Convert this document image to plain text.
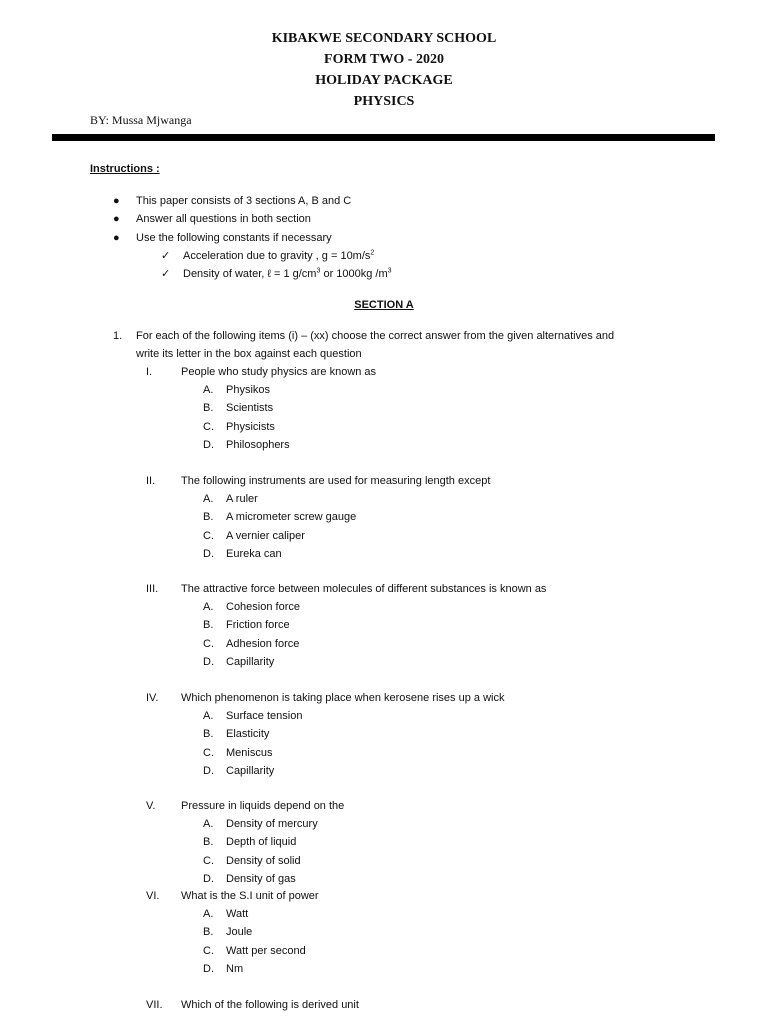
KIBAKWE SECONDARY SCHOOL
FORM TWO - 2020
HOLIDAY PACKAGE
PHYSICS
BY: Mussa Mjwanga
Instructions :
● This paper consists of 3 sections A, B and C
● Answer all questions in both section
● Use the following constants if necessary
✓ Acceleration due to gravity , $g = 10m/s^2$
✓ Density of water, ℓ = 1 $g/cm^3$ or 1000kg $/m^3$
SECTION A
1. For each of the following items (i) – (xx) choose the correct answer from the given alternatives and
write its letter in the box against each question
I.	People who study physics are known as
A. Physikos
B. Scientists
C. Physicists
D. Philosophers
II. The following instruments are used for measuring length except
A. A ruler
B. A micrometer screw gauge
C. A vernier caliper
D. Eureka can
III. The attractive force between molecules of different substances is known as
A. Cohesion force
B. Friction force
C. Adhesion force
D. Capillarity
IV. Which phenomenon is taking place when kerosene rises up a wick
A. Surface tension
B. Elasticity
C. Meniscus
D. Capillarity
V. Pressure in liquids depend on the
A. Density of mercury
B. Depth of liquid
C. Density of solid
D. Density of gas
VI. What is the S.I unit of power
A. Watt
B. Joule
C. Watt per second
D. Nm
VII. Which of the following is derived unit
